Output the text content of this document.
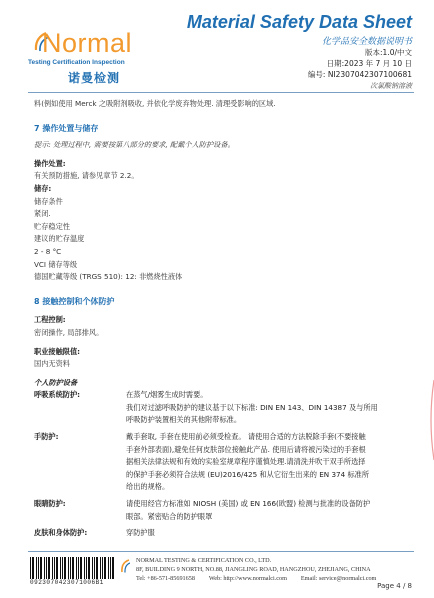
Normal
Testing Certification Inspection
诺曼检测
Material Safety Data Sheet
化学品安全数据说明书
版本:1.0/中文
日期:2023 年 7 月 10 日
编号: NI2307042307100681
次氯酸钠溶液
料(例如使用 Merck 之吸附剂吸收, 并依化学废弃物处理. 清理受影响的区域.
7 操作处置与储存
提示: 处理过程中, 需要按第八部分的要求, 配戴个人防护设备。
操作处置:
有关预防措施, 请参见章节 2.2。
储存:
储存条件
紧闭.
贮存稳定性
建议的贮存温度
2 - 8 °C
VCI 储存等级
德国贮藏等级 (TRGS 510): 12: 非燃烧性液体
8 接触控制和个体防护
工程控制:
密闭操作, 局部排风。
职业接触限值:
国内无资料
个人防护设备
呼吸系统防护:	在蒸气/烟雾生成时需要。
我们对过滤呼吸防护的建议基于以下标准: DIN EN 143、DIN 14387 及与所用
呼吸防护装置相关的其他附带标准。
手防护:	戴手套取, 手套在使用前必须受检查。 请使用合适的方法脱除手套(不要接触
手套外部表面),避免任何皮肤部位接触此产品. 使用后请将被污染过的手套根
据相关法律法规和有效的实验室规章程序谨慎处理.请清洗并吹干双手所选择
的保护手套必须符合法规 (EU)2016/425 和从它衍生出来的 EN 374 标准所
给出的规格。
眼睛防护:	请使用经官方标准如 NIOSH (美国) 或 EN 166(欧盟) 检测与批准的设备防护
眼部。紧密贴合的防护眼罩
皮肤和身体防护:	穿防护服
0923070423071006B1
NORMAL TESTING & CERTIFICATION CO., LTD.
8F, BUILDING 9 NORTH, NO.88, JIANGLING ROAD, HANGZHOU, ZHEJIANG, CHINA
Tel: +86-571-85691658 Web: http://www.normalci.com Email: service@normalci.com
Page 4 / 8
